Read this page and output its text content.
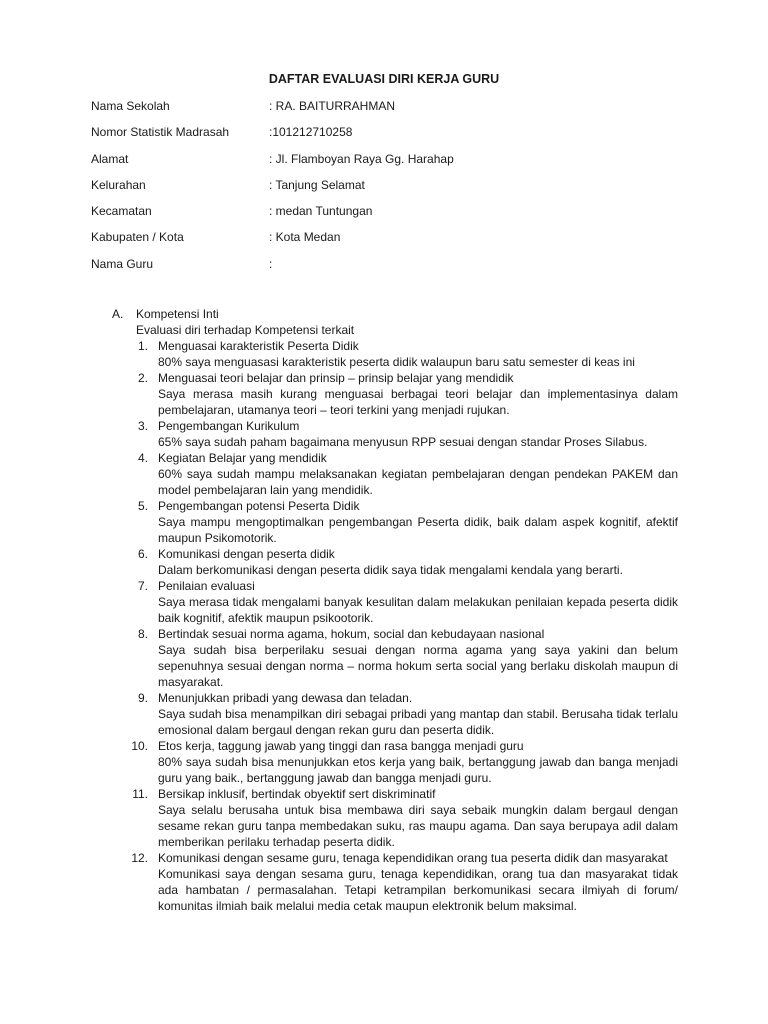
DAFTAR EVALUASI DIRI KERJA GURU
Nama Sekolah	: RA. BAITURRAHMAN
Nomor Statistik Madrasah	:101212710258
Alamat	: Jl. Flamboyan Raya Gg. Harahap
Kelurahan	: Tanjung Selamat
Kecamatan	: medan Tuntungan
Kabupaten / Kota	: Kota Medan
Nama Guru	:
A. Kompetensi Inti
Evaluasi diri terhadap Kompetensi terkait
1. Menguasai karakteristik Peserta Didik
80% saya menguasasi karakteristik peserta didik walaupun baru satu semester di keas ini
2. Menguasai teori belajar dan prinsip – prinsip belajar yang mendidik
Saya merasa masih kurang menguasai berbagai teori belajar dan implementasinya dalam pembelajaran, utamanya teori – teori terkini yang menjadi rujukan.
3. Pengembangan Kurikulum
65% saya sudah paham bagaimana menyusun RPP sesuai dengan standar Proses Silabus.
4. Kegiatan Belajar yang mendidik
60% saya sudah mampu melaksanakan kegiatan pembelajaran dengan pendekan PAKEM dan model pembelajaran lain yang mendidik.
5. Pengembangan potensi Peserta Didik
Saya mampu mengoptimalkan pengembangan Peserta didik, baik dalam aspek kognitif, afektif maupun Psikomotorik.
6. Komunikasi dengan peserta didik
Dalam berkomunikasi dengan peserta didik saya tidak mengalami kendala yang berarti.
7. Penilaian evaluasi
Saya merasa tidak mengalami banyak kesulitan dalam melakukan penilaian kepada peserta didik baik kognitif, afektik maupun psikootorik.
8. Bertindak sesuai norma agama, hokum, social dan kebudayaan nasional
Saya sudah bisa berperilaku sesuai dengan norma agama yang saya yakini dan belum sepenuhnya sesuai dengan norma – norma hokum serta social yang berlaku diskolah maupun di masyarakat.
9. Menunjukkan pribadi yang dewasa dan teladan.
Saya sudah bisa menampilkan diri sebagai pribadi yang mantap dan stabil. Berusaha tidak terlalu emosional dalam bergaul dengan rekan guru dan peserta didik.
10. Etos kerja, taggung jawab yang tinggi dan rasa bangga menjadi guru
80% saya sudah bisa menunjukkan etos kerja yang baik, bertanggung jawab dan banga menjadi guru yang baik., bertanggung jawab dan bangga menjadi guru.
11. Bersikap inklusif, bertindak obyektif sert diskriminatif
Saya selalu berusaha untuk bisa membawa diri saya sebaik mungkin dalam bergaul dengan sesame rekan guru tanpa membedakan suku, ras maupu agama. Dan saya berupaya adil dalam memberikan perilaku terhadap peserta didik.
12. Komunikasi dengan sesame guru, tenaga kependidikan orang tua peserta didik dan masyarakat
Komunikasi saya dengan sesama guru, tenaga kependidikan, orang tua dan masyarakat tidak ada hambatan / permasalahan. Tetapi ketrampilan berkomunikasi secara ilmiyah di forum/ komunitas ilmiah baik melalui media cetak maupun elektronik belum maksimal.
